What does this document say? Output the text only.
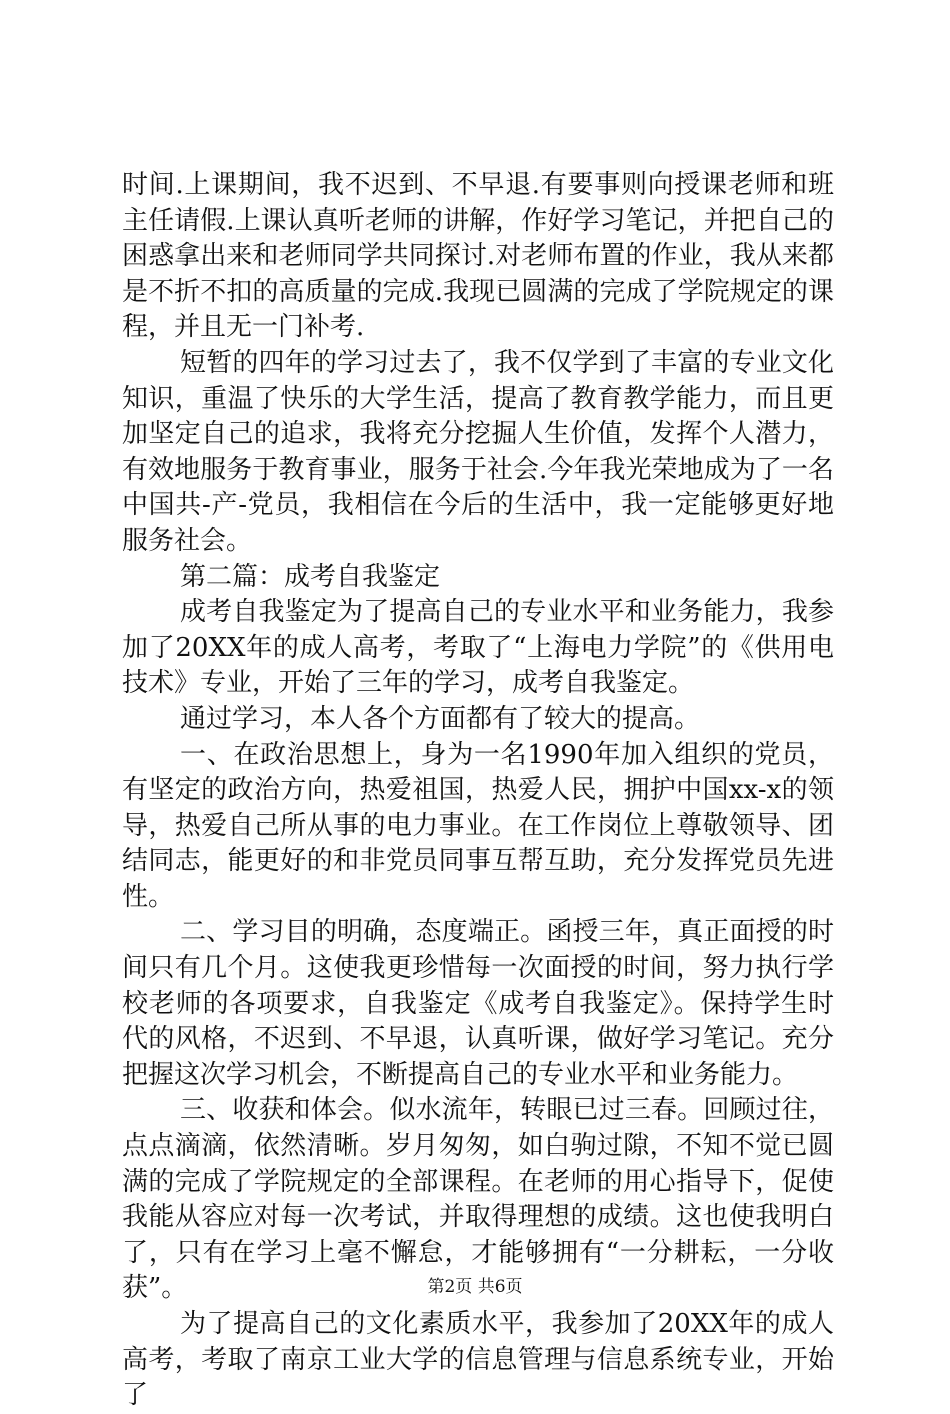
时间.上课期间，我不迟到、不早退.有要事则向授课老师和班主任请假.上课认真听老师的讲解，作好学习笔记，并把自己的困惑拿出来和老师同学共同探讨.对老师布置的作业，我从来都是不折不扣的高质量的完成.我现已圆满的完成了学院规定的课程，并且无一门补考.

短暂的四年的学习过去了，我不仅学到了丰富的专业文化知识，重温了快乐的大学生活，提高了教育教学能力，而且更加坚定自己的追求，我将充分挖掘人生价值，发挥个人潜力，有效地服务于教育事业，服务于社会.今年我光荣地成为了一名中国共-产-党员，我相信在今后的生活中，我一定能够更好地服务社会。

第二篇：成考自我鉴定

成考自我鉴定为了提高自己的专业水平和业务能力，我参加了20XX年的成人高考，考取了“上海电力学院”的《供用电技术》专业，开始了三年的学习，成考自我鉴定。

通过学习，本人各个方面都有了较大的提高。

一、在政治思想上，身为一名1990年加入组织的党员，有坚定的政治方向，热爱祖国，热爱人民，拥护中国xx-x的领导，热爱自己所从事的电力事业。在工作岗位上尊敬领导、团结同志，能更好的和非党员同事互帮互助，充分发挥党员先进性。

二、学习目的明确，态度端正。函授三年，真正面授的时间只有几个月。这使我更珍惜每一次面授的时间，努力执行学校老师的各项要求，自我鉴定《成考自我鉴定》。保持学生时代的风格，不迟到、不早退，认真听课，做好学习笔记。充分把握这次学习机会，不断提高自己的专业水平和业务能力。

三、收获和体会。似水流年，转眼已过三春。回顾过往，点点滴滴，依然清晰。岁月匆匆，如白驹过隙，不知不觉已圆满的完成了学院规定的全部课程。在老师的用心指导下，促使我能从容应对每一次考试，并取得理想的成绩。这也使我明白了，只有在学习上毫不懈怠，才能够拥有“一分耕耘，一分收获”。

为了提高自己的文化素质水平，我参加了20XX年的成人高考，考取了南京工业大学的信息管理与信息系统专业，开始了

第2页 共6页
